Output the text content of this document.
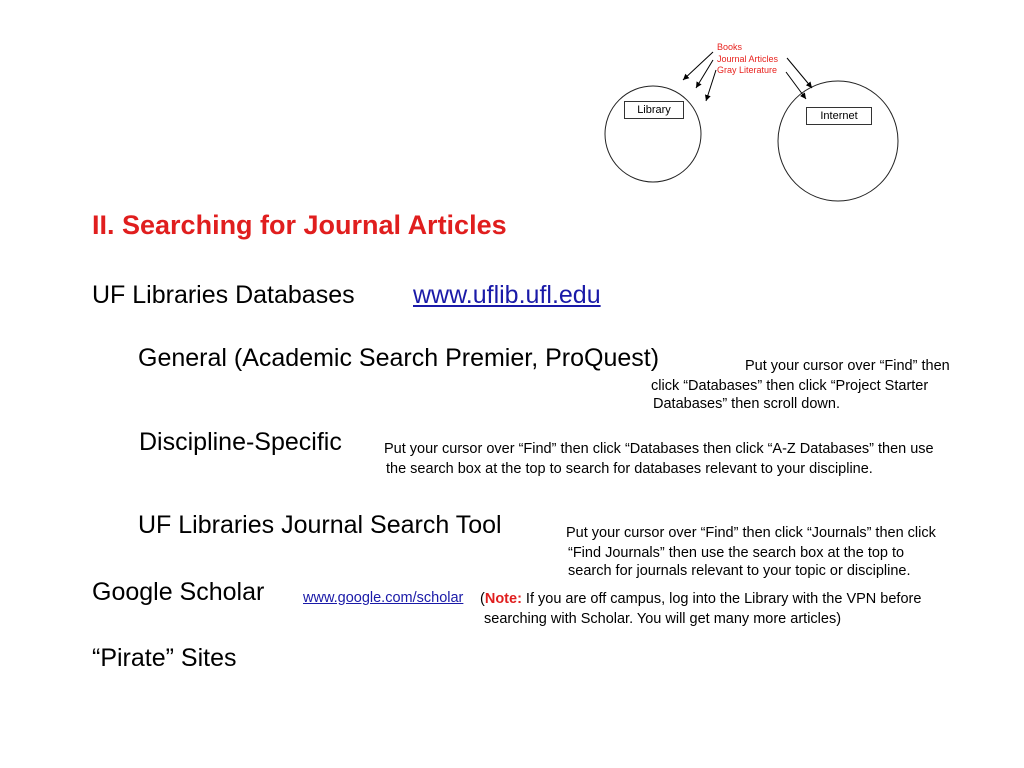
Books
Journal Articles
Gray Literature
Library	Internet
II. Searching for Journal Articles
UF Libraries Databases www.uflib.ufl.edu
General (Academic Search Premier, ProQuest)	Put your cursor over “Find” then
click “Databases” then click “Project Starter
Databases” then scroll down.
Discipline-Specific	Put your cursor over “Find” then click “Databases then click “A-Z Databases” then use
the search box at the top to search for databases relevant to your discipline.
UF Libraries Journal Search Tool	Put your cursor over “Find” then click “Journals” then click
“Find Journals” then use the search box at the top to
search for journals relevant to your topic or discipline.
Google Scholar	www.google.com/scholar (Note: If you are off campus, log into the Library with the VPN before
searching with Scholar. You will get many more articles)
“Pirate” Sites
